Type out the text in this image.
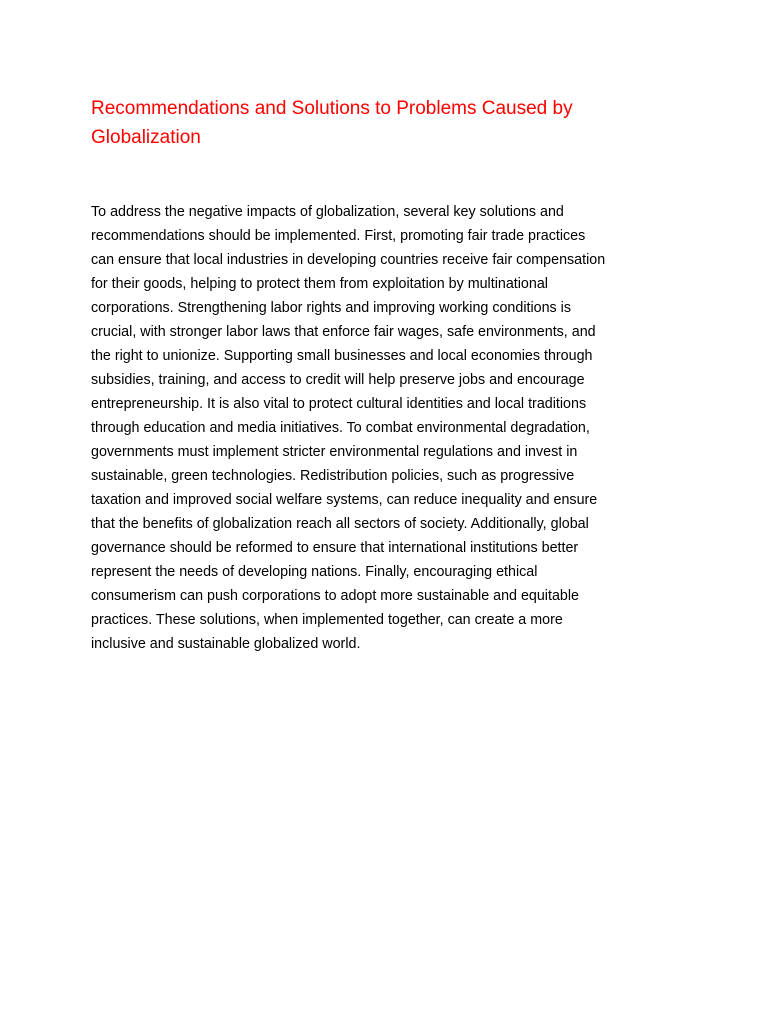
Recommendations and Solutions to Problems Caused by
Globalization
To address the negative impacts of globalization, several key solutions and
recommendations should be implemented. First, promoting fair trade practices
can ensure that local industries in developing countries receive fair compensation
for their goods, helping to protect them from exploitation by multinational
corporations. Strengthening labor rights and improving working conditions is
crucial, with stronger labor laws that enforce fair wages, safe environments, and
the right to unionize. Supporting small businesses and local economies through
subsidies, training, and access to credit will help preserve jobs and encourage
entrepreneurship. It is also vital to protect cultural identities and local traditions
through education and media initiatives. To combat environmental degradation,
governments must implement stricter environmental regulations and invest in
sustainable, green technologies. Redistribution policies, such as progressive
taxation and improved social welfare systems, can reduce inequality and ensure
that the benefits of globalization reach all sectors of society. Additionally, global
governance should be reformed to ensure that international institutions better
represent the needs of developing nations. Finally, encouraging ethical
consumerism can push corporations to adopt more sustainable and equitable
practices. These solutions, when implemented together, can create a more
inclusive and sustainable globalized world.
